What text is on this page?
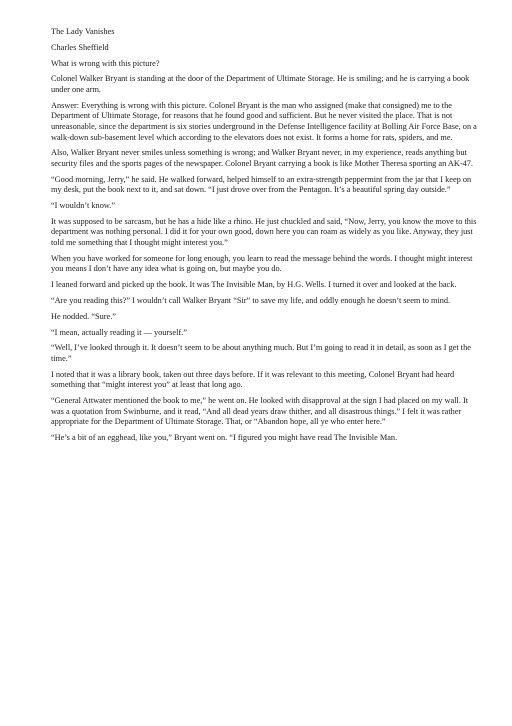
The Lady Vanishes

Charles Sheffield

What is wrong with this picture?

Colonel Walker Bryant is standing at the door of the Department of Ultimate Storage. He is smiling; and he is carrying a book under one arm.

Answer: Everything is wrong with this picture. Colonel Bryant is the man who assigned (make that consigned) me to the Department of Ultimate Storage, for reasons that he found good and sufficient. But he never visited the place. That is not unreasonable, since the department is six stories underground in the Defense Intelligence facility at Bolling Air Force Base, on a walk-down sub-basement level which according to the elevators does not exist. It forms a home for rats, spiders, and me.

Also, Walker Bryant never smiles unless something is wrong; and Walker Bryant never, in my experience, reads anything but security files and the sports pages of the newspaper. Colonel Bryant carrying a book is like Mother Theresa sporting an AK-47.

“Good morning, Jerry,” he said. He walked forward, helped himself to an extra-strength peppermint from the jar that I keep on my desk, put the book next to it, and sat down. “I just drove over from the Pentagon. It’s a beautiful spring day outside.”

“I wouldn’t know.”

It was supposed to be sarcasm, but he has a hide like a rhino. He just chuckled and said, “Now, Jerry, you know the move to this department was nothing personal. I did it for your own good, down here you can roam as widely as you like. Anyway, they just told me something that I thought might interest you.”

When you have worked for someone for long enough, you learn to read the message behind the words. I thought might interest you means I don’t have any idea what is going on, but maybe you do.

I leaned forward and picked up the book. It was The Invisible Man, by H.G. Wells. I turned it over and looked at the back.

“Are you reading this?” I wouldn’t call Walker Bryant “Sir” to save my life, and oddly enough he doesn’t seem to mind.

He nodded. “Sure.”

“I mean, actually reading it — yourself.”

“Well, I’ve looked through it. It doesn’t seem to be about anything much. But I’m going to read it in detail, as soon as I get the time.”

I noted that it was a library book, taken out three days before. If it was relevant to this meeting, Colonel Bryant had heard something that “might interest you” at least that long ago.

“General Attwater mentioned the book to me,” he went on. He looked with disapproval at the sign I had placed on my wall. It was a quotation from Swinburne, and it read, “And all dead years draw thither, and all disastrous things.” I felt it was rather appropriate for the Department of Ultimate Storage. That, or “Abandon hope, all ye who enter here.”

“He’s a bit of an egghead, like you,” Bryant went on. “I figured you might have read The Invisible Man.
